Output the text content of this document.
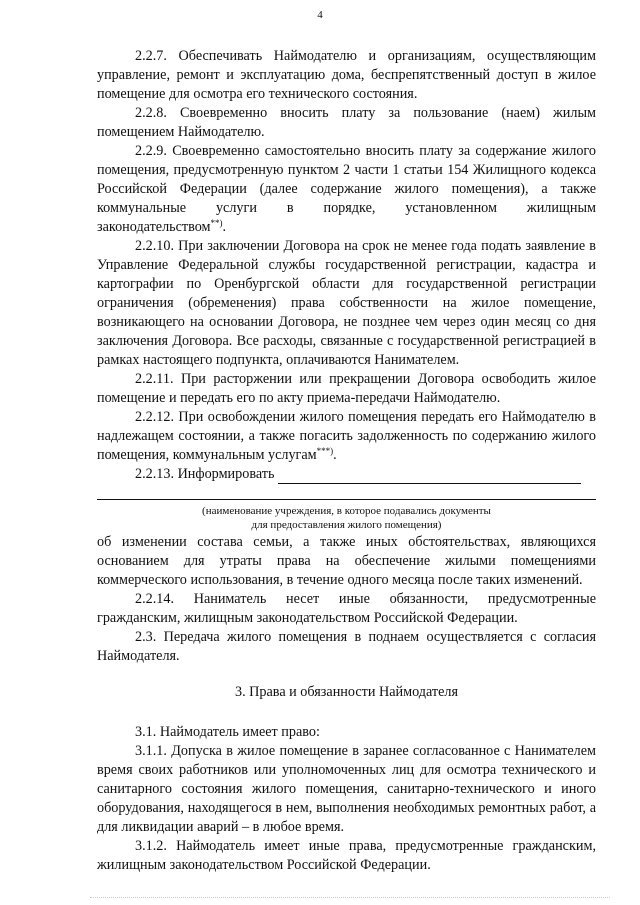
4

2.2.7. Обеспечивать Наймодателю и организациям, осуществляющим управление, ремонт и эксплуатацию дома, беспрепятственный доступ в жилое помещение для осмотра его технического состояния.

2.2.8. Своевременно вносить плату за пользование (наем) жилым помещением Наймодателю.

2.2.9. Своевременно самостоятельно вносить плату за содержание жилого помещения, предусмотренную пунктом 2 части 1 статьи 154 Жилищного кодекса Российской Федерации (далее содержание жилого помещения), а также коммунальные услуги в порядке, установленном жилищным законодательством**).

2.2.10. При заключении Договора на срок не менее года подать заявление в Управление Федеральной службы государственной регистрации, кадастра и картографии по Оренбургской области для государственной регистрации ограничения (обременения) права собственности на жилое помещение, возникающего на основании Договора, не позднее чем через один месяц со дня заключения Договора. Все расходы, связанные с государственной регистрацией в рамках настоящего подпункта, оплачиваются Нанимателем.

2.2.11. При расторжении или прекращении Договора освободить жилое помещение и передать его по акту приема-передачи Наймодателю.

2.2.12. При освобождении жилого помещения передать его Наймодателю в надлежащем состоянии, а также погасить задолженность по содержанию жилого помещения, коммунальным услугам***).

2.2.13. Информировать

(наименование учреждения, в которое подавались документы
для предоставления жилого помещения)

об изменении состава семьи, а также иных обстоятельствах, являющихся основанием для утраты права на обеспечение жилыми помещениями коммерческого использования, в течение одного месяца после таких изменений.

2.2.14. Наниматель несет иные обязанности, предусмотренные гражданским, жилищным законодательством Российской Федерации.

2.3. Передача жилого помещения в поднаем осуществляется с согласия Наймодателя.

3. Права и обязанности Наймодателя

3.1. Наймодатель имеет право:

3.1.1. Допуска в жилое помещение в заранее согласованное с Нанимателем время своих работников или уполномоченных лиц для осмотра технического и санитарного состояния жилого помещения, санитарно-технического и иного оборудования, находящегося в нем, выполнения необходимых ремонтных работ, а для ликвидации аварий – в любое время.

3.1.2. Наймодатель имеет иные права, предусмотренные гражданским, жилищным законодательством Российской Федерации.
